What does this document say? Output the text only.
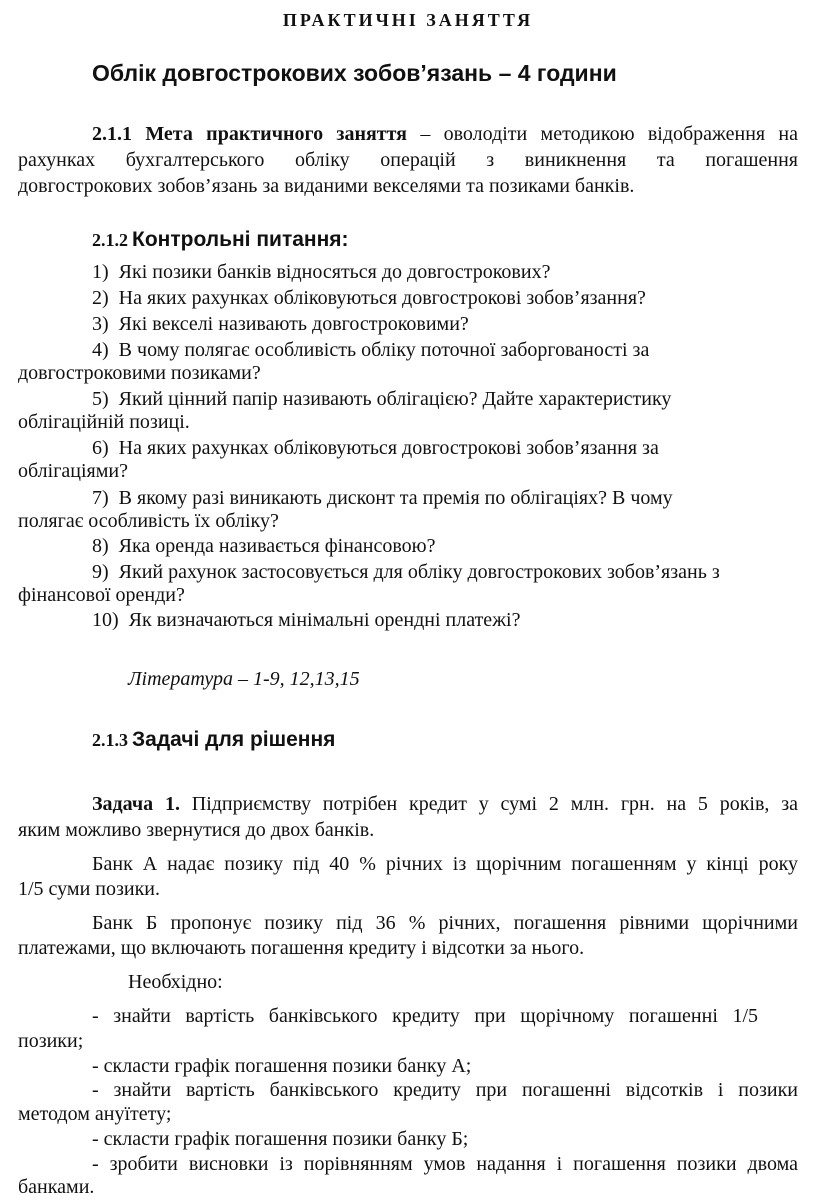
ПРАКТИЧНІ ЗАНЯТТЯ
Облік довгострокових зобов’язань – 4 години
2.1.1 Мета практичного заняття – оволодіти методикою відображення на
рахунках бухгалтерського обліку операцій з виникнення та погашення
довгострокових зобов’язань за виданими векселями та позиками банків.
2.1.2 Контрольні питання:
1) Які позики банків відносяться до довгострокових?
2) На яких рахунках обліковуються довгострокові зобов’язання?
3) Які векселі називають довгостроковими?
4) В чому полягає особливість обліку поточної заборгованості за
довгостроковими позиками?
5)  Який цінний папір називають облігацією? Дайте характеристику
облігаційній позиці.
6) На яких рахунках обліковуються довгострокові зобов’язання за
облігаціями?
7) В якому разі виникають дисконт та премія по облігаціях? В чому
полягає особливість їх обліку?
8) Яка оренда називається фінансовою?
9) Який рахунок застосовується для обліку довгострокових зобов’язань з
фінансової оренди?
10) Як визначаються мінімальні орендні платежі?
Література – 1-9, 12,13,15
2.1.3 Задачі для рішення
Задача 1. Підприємству потрібен кредит у сумі 2 млн. грн. на 5 років, за
яким можливо звернутися до двох банків.
Банк А надає позику під 40 % річних із щорічним погашенням у кінці року
1/5 суми позики.
Банк Б пропонує позику під 36 % річних, погашення рівними щорічними
платежами, що включають погашення кредиту і відсотки за нього.
Необхідно:
- знайти вартість банківського кредиту при щорічному погашенні 1/5
позики;
- скласти графік погашення позики банку А;
- знайти вартість банківського кредиту при погашенні відсотків і позики
методом ануїтету;
- скласти графік погашення позики банку Б;
- зробити висновки із порівнянням умов надання і погашення позики двома
банками.
